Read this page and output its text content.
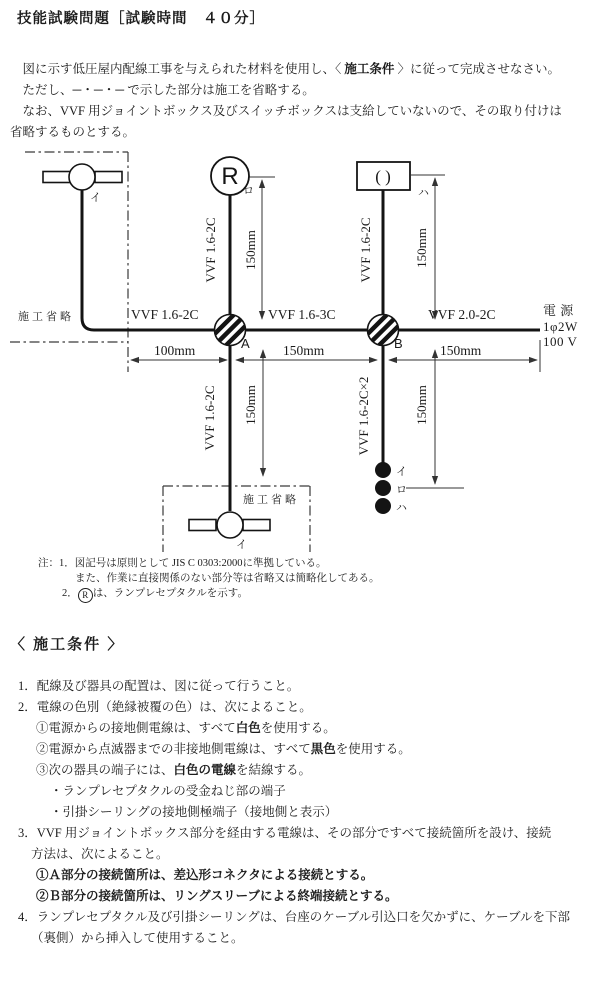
技能試験問題［試験時間　４０分］

　図に示す低圧屋内配線工事を与えられた材料を使用し、〈 施工条件 〉に従って完成させなさい。

　ただし、─・─・─ で示した部分は施工を省略する。

　なお、VVF 用ジョイントボックス及びスイッチボックスは支給していないので、その取り付けは

省略するものとする。

R	( )
VVF 1.6-2C	VVF 1.6-3C	VVF 2.0-2C
100mm	150mm	150mm
VVF 1.6-2C 150mm	VVF 1.6-2C	150mm
VVF 1.6-2C 150mm	VVF 1.6-2C×2	150mm
A	B
ロ	ハ
イ
イ
施工省略
施工省略
イ
ロ
ハ
電 源
1φ2W
100 V

注：1．図記号は原則として JIS C 0303:2000に準拠している。

また、作業に直接関係のない部分等は省略又は簡略化してある。

2． R は、ランプレセプタクルを示す。

〈 施工条件 〉

1．配線及び器具の配置は、図に従って行うこと。

2．電線の色別（絶縁被覆の色）は、次によること。

①電源からの接地側電線は、すべて白色を使用する。

②電源から点滅器までの非接地側電線は、すべて黒色を使用する。

③次の器具の端子には、白色の電線を結線する。

・ランプレセプタクルの受金ねじ部の端子

・引掛シーリングの接地側極端子（接地側と表示）

3．VVF 用ジョイントボックス部分を経由する電線は、その部分ですべて接続箇所を設け、接続

方法は、次によること。

①Ａ部分の接続箇所は、差込形コネクタによる接続とする。

②Ｂ部分の接続箇所は、リングスリーブによる終端接続とする。

4．ランプレセプタクル及び引掛シーリングは、台座のケーブル引込口を欠かずに、ケーブルを下部

（裏側）から挿入して使用すること。
